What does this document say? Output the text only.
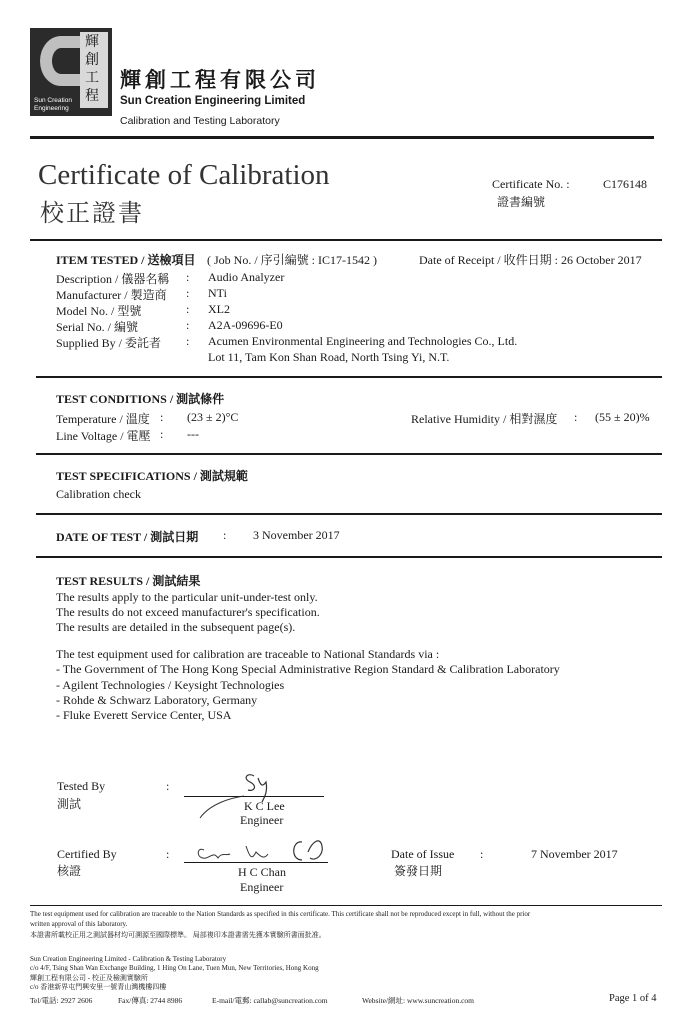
輝創工程
Sun Creation Engineering
輝創工程有限公司
Sun Creation Engineering Limited
Calibration and Testing Laboratory
Certificate of Calibration
校正證書
Certificate No. :	C176148
證書編號
ITEM TESTED / 送檢項目 ( Job No. / 序引編號 : IC17-1542 )	Date of Receipt / 收件日期 : 26 October 2017
Description / 儀器名稱 : Audio Analyzer
Manufacturer / 製造商 : NTi
Model No. / 型號	: XL2
Serial No. / 編號	: A2A-09696-E0
Supplied By / 委託者 : Acumen Environmental Engineering and Technologies Co., Ltd.
Lot 11, Tam Kon Shan Road, North Tsing Yi, N.T.
TEST CONDITIONS / 測試條件
Temperature / 溫度 : (23 ± 2)°C	Relative Humidity / 相對濕度 : (55 ± 20)%
Line Voltage / 電壓 : ---
TEST SPECIFICATIONS / 測試規範
Calibration check
DATE OF TEST / 測試日期 : 3 November 2017
TEST RESULTS / 測試結果
The results apply to the particular unit-under-test only.
The results do not exceed manufacturer's specification.
The results are detailed in the subsequent page(s).
The test equipment used for calibration are traceable to National Standards via :
- The Government of The Hong Kong Special Administrative Region Standard & Calibration Laboratory
- Agilent Technologies / Keysight Technologies
- Rohde & Schwarz Laboratory, Germany
- Fluke Everett Service Center, USA
Tested By
測試
:
K C Lee
Engineer
Certified By
核證
:
H C Chan
Engineer
Date of Issue
簽發日期
:	7 November 2017
The test equipment used for calibration are traceable to the Nation Standards as specified in this certificate. This certificate shall not be reproduced except in full, without the prior
written approval of this laboratory.
本證書所載校正用之測試器材均可溯源至國際標準。 局部複印本證書需先獲本實驗所書面批准。
Sun Creation Engineering Limited - Calibration & Testing Laboratory
c/o 4/F, Tsing Shan Wan Exchange Building, 1 Hing On Lane, Tuen Mun, New Territories, Hong Kong
輝創工程有限公司 - 校正及檢測實驗所
c/o 香港新界屯門興安里一號青山灣機樓四樓
Tel/電話: 2927 2606	Fax/傳真: 2744 8986	E-mail/電郵: callab@suncreation.com	Website/網址: www.suncreation.com	Page 1 of 4
